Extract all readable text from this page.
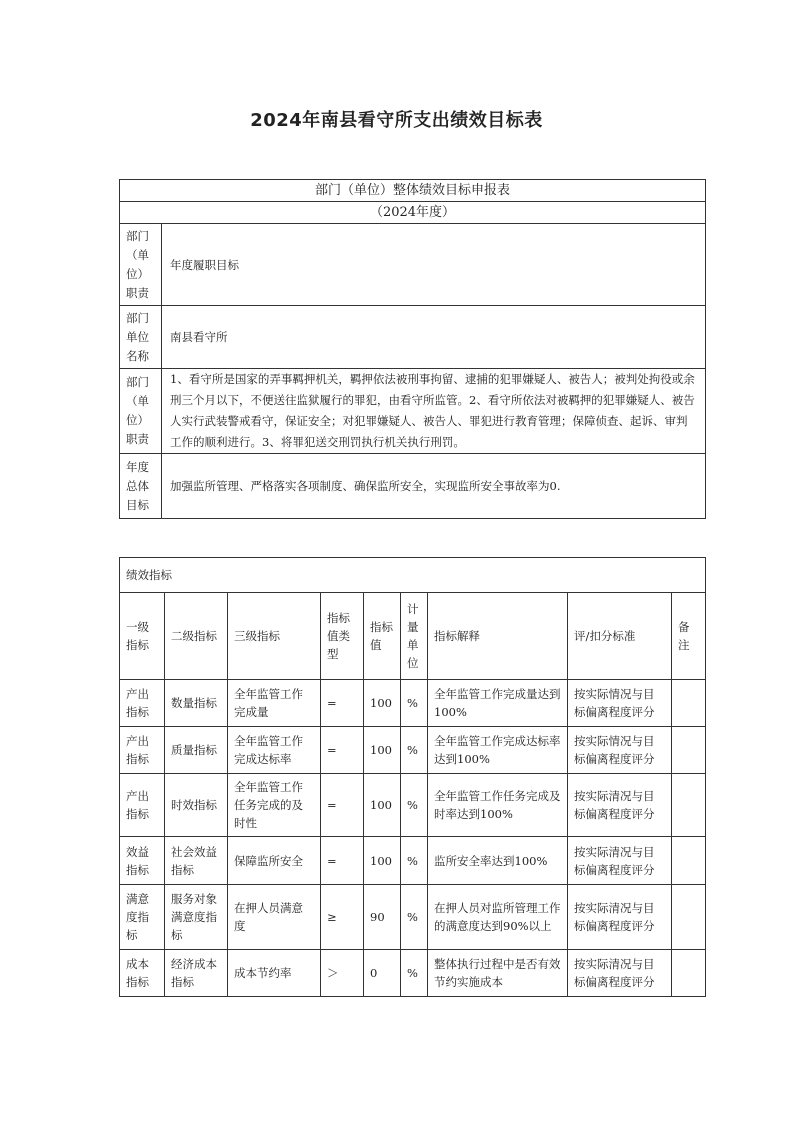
2024年南县看守所支出绩效目标表
部门（单位）整体绩效目标申报表	
（2024年度）	
部门（单位）职责	年度履职目标
部门单位名称	南县看守所
部门（单位）职责	1、看守所是国家的弄事羁押机关，羁押依法被刑事拘留、逮捕的犯罪嫌疑人、被告人；被判处拘役或余刑三个月以下，不便送往监狱履行的罪犯，由看守所监管。2、看守所依法对被羁押的犯罪嫌疑人、被告人实行武装警戒看守，保证安全；对犯罪嫌疑人、被告人、罪犯进行教育管理；保障侦查、起诉、审判工作的顺利进行。3、将罪犯送交刑罚执行机关执行刑罚。
年度总体目标	加强监所管理、严格落实各项制度、确保监所安全，实现监所安全事故率为0.
绩效指标								
一级指标	二级指标	三级指标	指标值类型	指标值	计量单位	指标解释	评/扣分标准	备注
产出指标	数量指标	全年监管工作完成量	=	100	%	全年监管工作完成量达到100%	按实际情况与目标偏离程度评分	
产出指标	质量指标	全年监管工作完成达标率	=	100	%	全年监管工作完成达标率达到100%	按实际情况与目标偏离程度评分	
产出指标	时效指标	全年监管工作任务完成的及时性	=	100	%	全年监管工作任务完成及时率达到100%	按实际清况与目标偏离程度评分	
效益指标	社会效益指标	保障监所安全	=	100	%	监所安全率达到100%	按实际清况与目标偏离程度评分	
满意度指标	服务对象满意度指标	在押人员满意度	≥	90	%	在押人员对监所管理工作的满意度达到90%以上	按实际清况与目标偏离程度评分	
成本指标	经济成本指标	成本节约率	＞	0	%	整体执行过程中是否有效节约实施成本	按实际清况与目标偏离程度评分	
